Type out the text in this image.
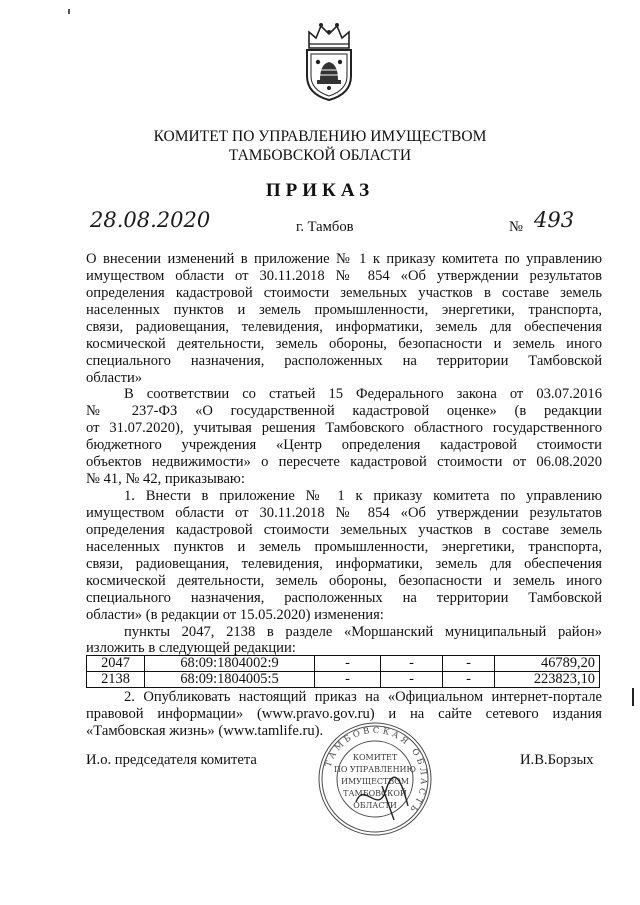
КОМИТЕТ ПО УПРАВЛЕНИЮ ИМУЩЕСТВОМ
ТАМБОВСКОЙ ОБЛАСТИ
ПРИКАЗ
28.08.2020	г. Тамбов	№ 493
О внесении изменений в приложение № 1 к приказу комитета по управлению
имуществом области от 30.11.2018 № 854 «Об утверждении результатов
определения кадастровой стоимости земельных участков в составе земель
населенных пунктов и земель промышленности, энергетики, транспорта,
связи, радиовещания, телевидения, информатики, земель для обеспечения
космической деятельности, земель обороны, безопасности и земель иного
специального назначения, расположенных на территории Тамбовской
области»
В соответствии со статьей 15 Федерального закона от 03.07.2016
№ 237-ФЗ «О государственной кадастровой оценке» (в редакции
от 31.07.2020), учитывая решения Тамбовского областного государственного
бюджетного учреждения «Центр определения кадастровой стоимости
объектов недвижимости» о пересчете кадастровой стоимости от 06.08.2020
№ 41, № 42, приказываю:
1. Внести в приложение № 1 к приказу комитета по управлению
имуществом области от 30.11.2018 № 854 «Об утверждении результатов
определения кадастровой стоимости земельных участков в составе земель
населенных пунктов и земель промышленности, энергетики, транспорта,
связи, радиовещания, телевидения, информатики, земель для обеспечения
космической деятельности, земель обороны, безопасности и земель иного
специального назначения, расположенных на территории Тамбовской
области» (в редакции от 15.05.2020) изменения:
пункты 2047, 2138 в разделе «Моршанский муниципальный район»
изложить в следующей редакции:
2047	68:09:1804002:9	-	-	-	46789,20
2138	68:09:1804005:5	-	-	-	223823,10
2. Опубликовать настоящий приказ на «Официальном интернет-портале
правовой информации» (www.pravo.gov.ru) и на сайте сетевого издания
«Тамбовская жизнь» (www.tamlife.ru).
ТАМБОВСКАЯ ОБЛАСТЬ
КОМИТЕТ
ПО УПРАВЛЕНИЮ
ИМУЩЕСТВОМ
ТАМБОВСКОЙ
ОБЛАСТИ
И.о. председателя комитета	И.В.Борзых
